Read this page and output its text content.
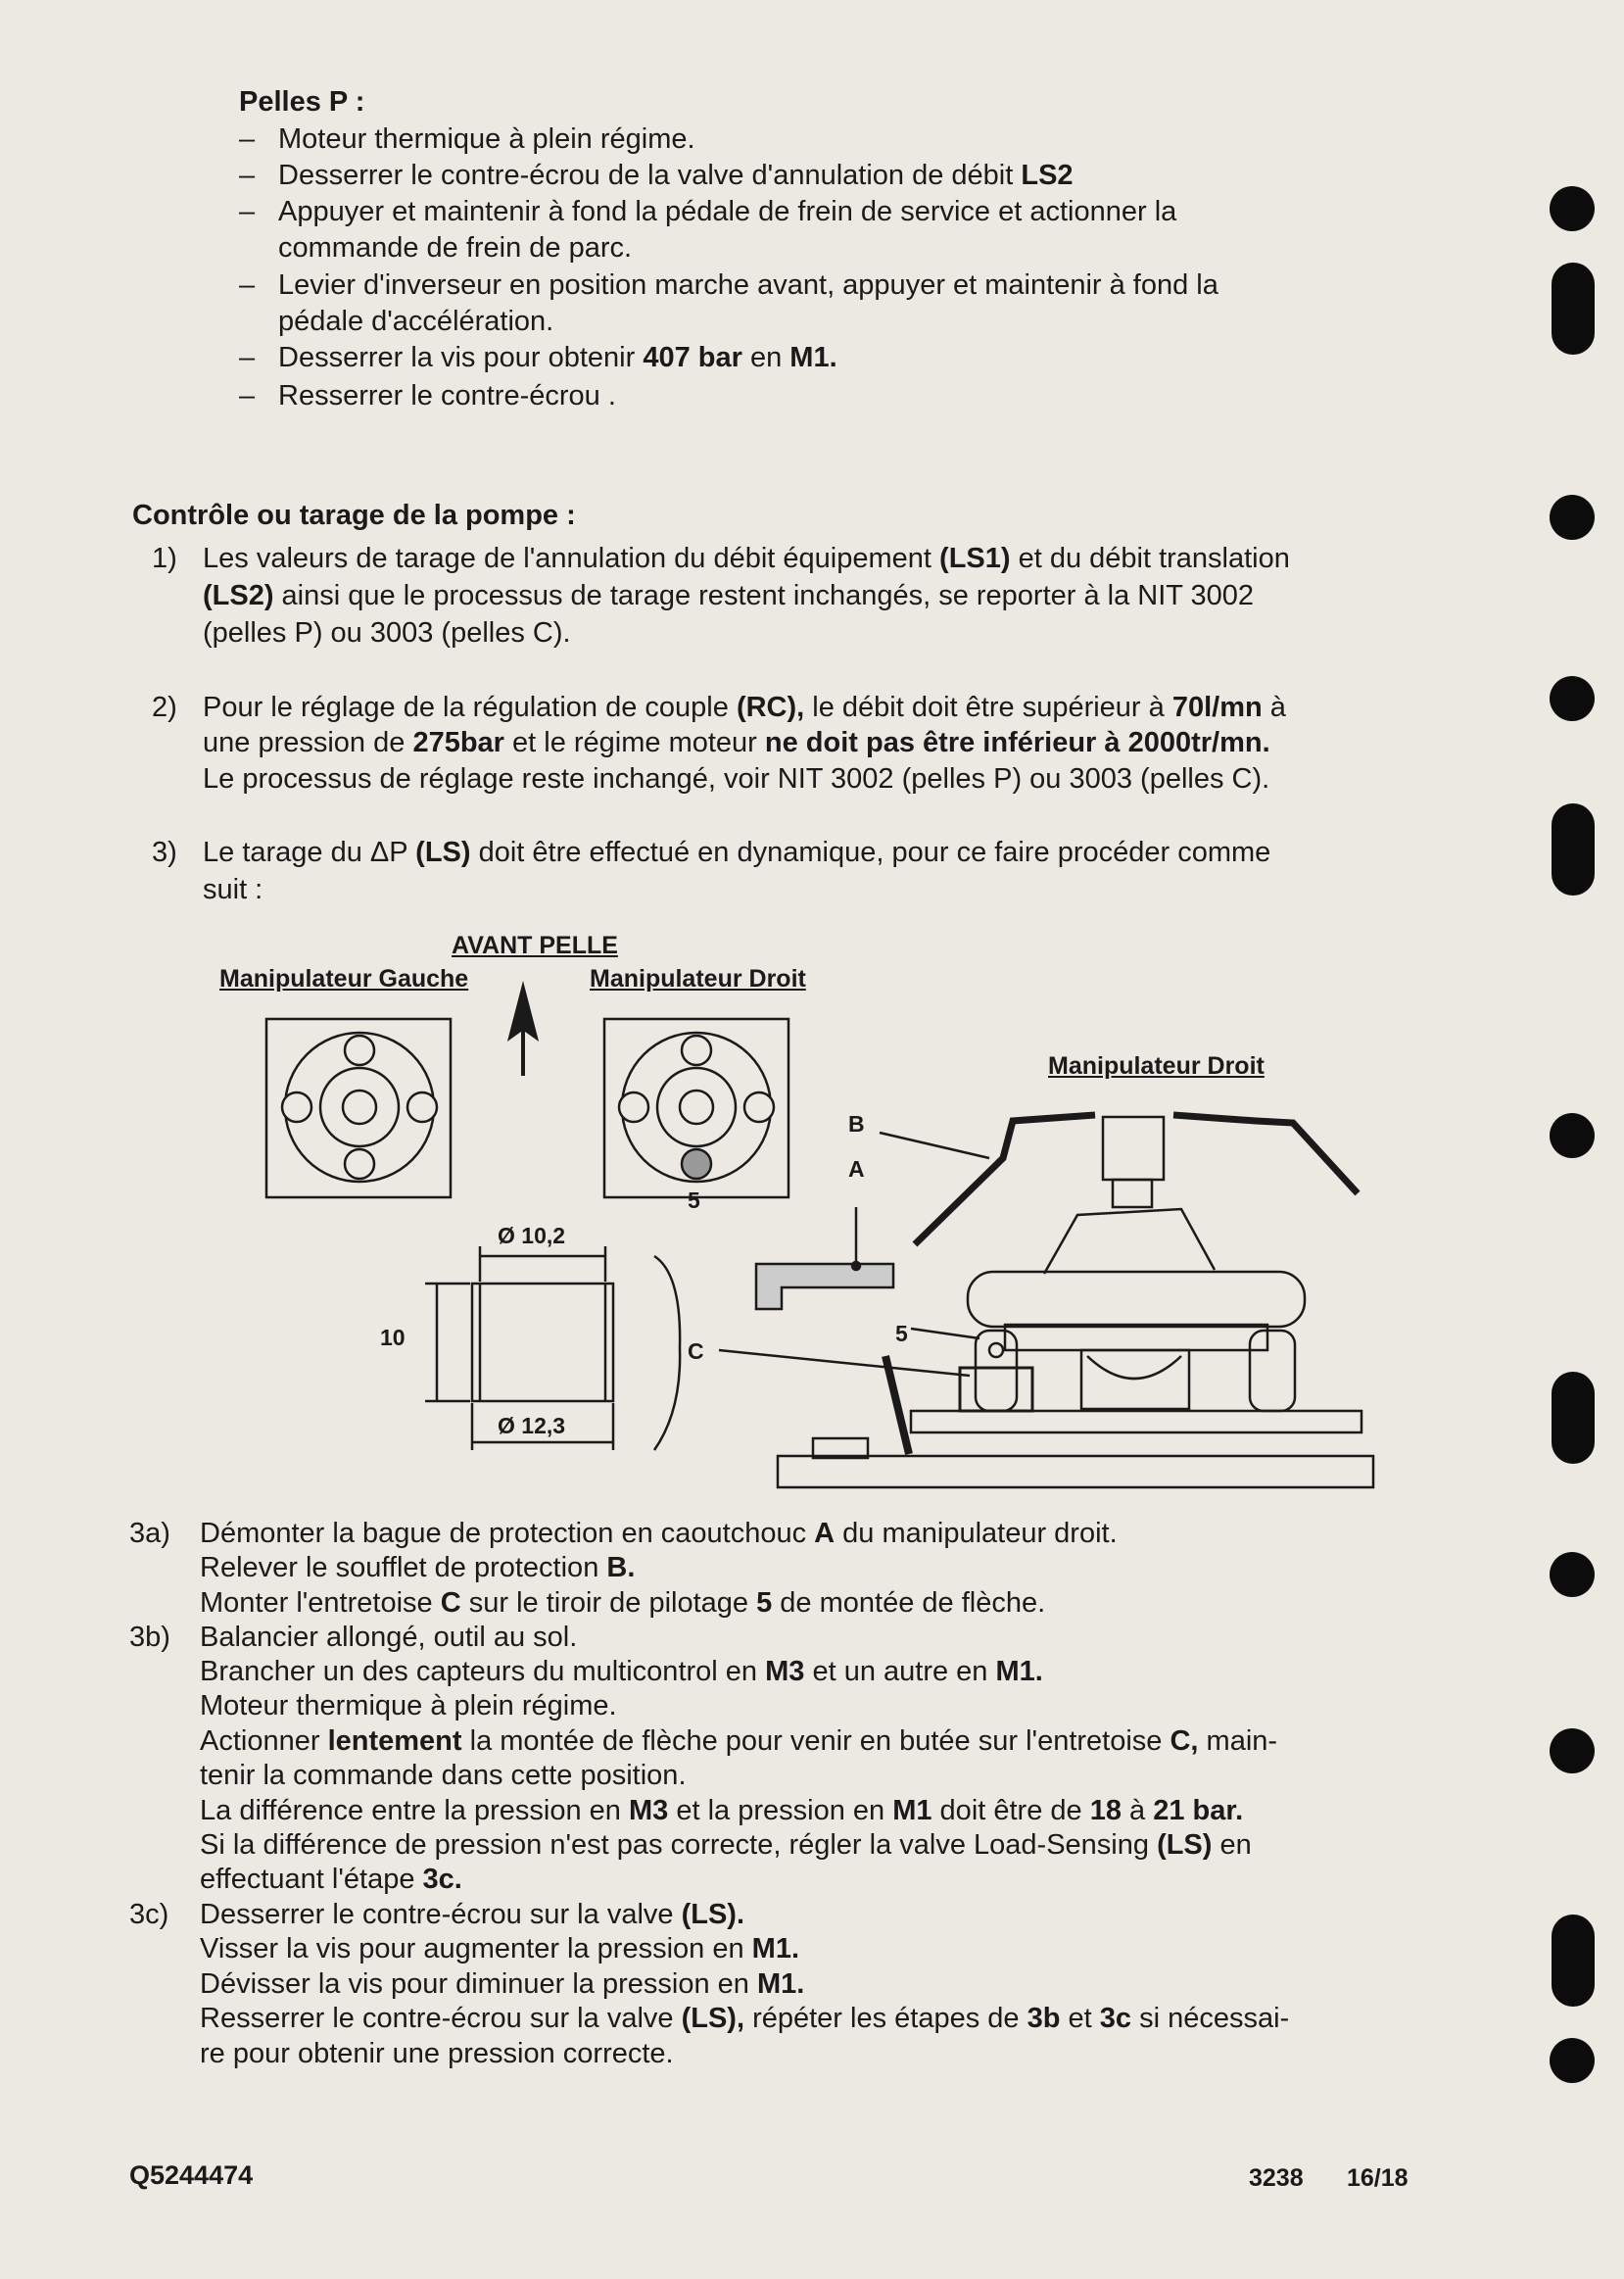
Pelles P :
– Moteur thermique à plein régime.
– Desserrer le contre-écrou de la valve d'annulation de débit LS2
– Appuyer et maintenir à fond la pédale de frein de service et actionner la
commande de frein de parc.
– Levier d'inverseur en position marche avant, appuyer et maintenir à fond la
pédale d'accélération.
– Desserrer la vis pour obtenir 407 bar en M1.
– Resserrer le contre-écrou .
Contrôle ou tarage de la pompe :
1) Les valeurs de tarage de l'annulation du débit équipement (LS1) et du débit translation
(LS2) ainsi que le processus de tarage restent inchangés, se reporter à la NIT 3002
(pelles P) ou 3003 (pelles C).
2) Pour le réglage de la régulation de couple (RC), le débit doit être supérieur à 70l/mn à
une pression de 275bar et le régime moteur ne doit pas être inférieur à 2000tr/mn.
Le processus de réglage reste inchangé, voir NIT 3002 (pelles P) ou 3003 (pelles C).
3) Le tarage du ΔP (LS) doit être effectué en dynamique, pour ce faire procéder comme
suit :
AVANT PELLE
Manipulateur Gauche	Manipulateur Droit
Manipulateur Droit
5
Ø 10,2
10
Ø 12,3
C
B
A
5
3a) Démonter la bague de protection en caoutchouc A du manipulateur droit.
Relever le soufflet de protection B.
Monter l'entretoise C sur le tiroir de pilotage 5 de montée de flèche.
3b) Balancier allongé, outil au sol.
Brancher un des capteurs du multicontrol en M3 et un autre en M1.
Moteur thermique à plein régime.
Actionner lentement la montée de flèche pour venir en butée sur l'entretoise C, main-
tenir la commande dans cette position.
La différence entre la pression en M3 et la pression en M1 doit être de 18 à 21 bar.
Si la différence de pression n'est pas correcte, régler la valve Load-Sensing (LS) en
effectuant l'étape 3c.
3c) Desserrer le contre-écrou sur la valve (LS).
Visser la vis pour augmenter la pression en M1.
Dévisser la vis pour diminuer la pression en M1.
Resserrer le contre-écrou sur la valve (LS), répéter les étapes de 3b et 3c si nécessai-
re pour obtenir une pression correcte.
Q5244474	3238 16/18
